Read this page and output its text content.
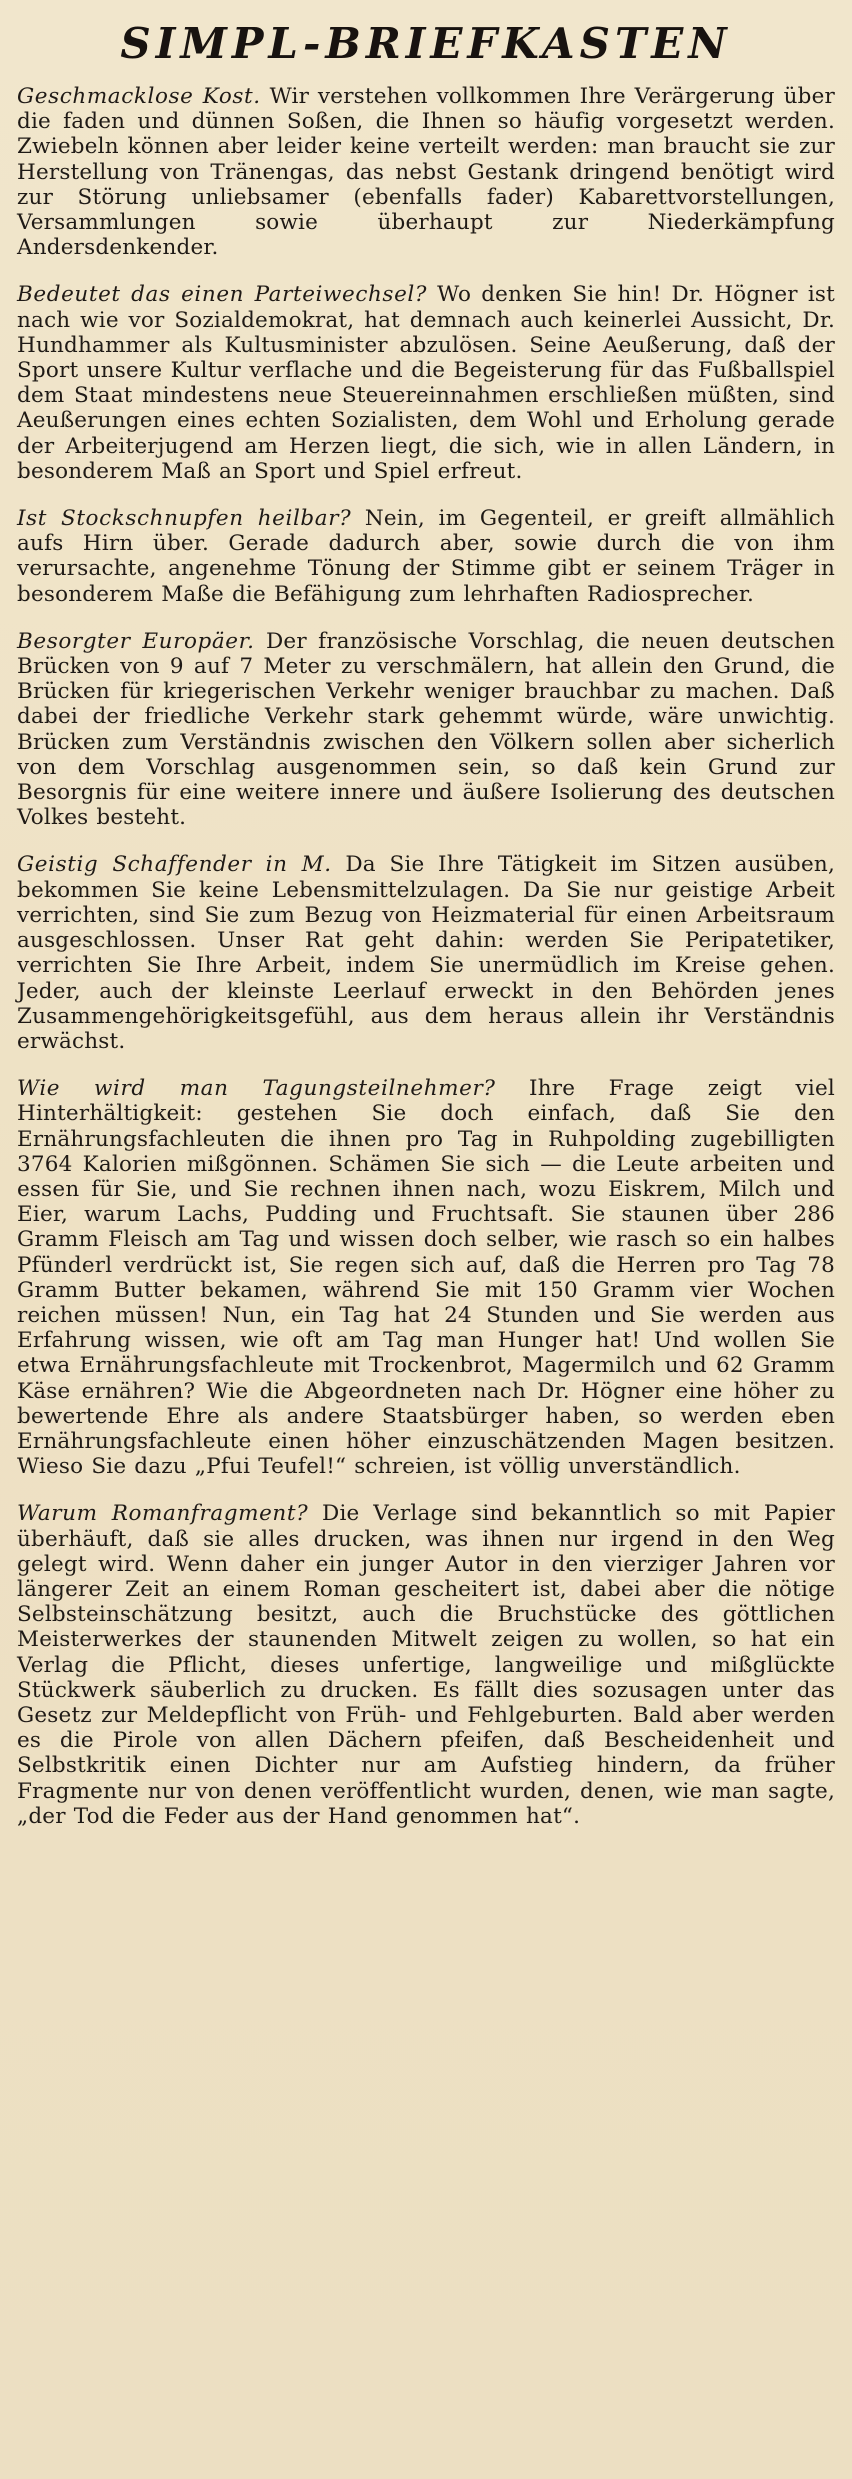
SIMPL-BRIEFKASTEN

Geschmacklose Kost. Wir verstehen vollkommen Ihre Verärgerung über die faden und dünnen Soßen, die Ihnen so häufig vorgesetzt werden. Zwiebeln können aber leider keine verteilt werden: man braucht sie zur Herstellung von Tränengas, das nebst Gestank dringend benötigt wird zur Störung unliebsamer (ebenfalls fader) Kabarettvorstellungen, Versammlungen sowie überhaupt zur Niederkämpfung Andersdenkender.

Bedeutet das einen Parteiwechsel? Wo denken Sie hin! Dr. Högner ist nach wie vor Sozialdemokrat, hat demnach auch keinerlei Aussicht, Dr. Hundhammer als Kultusminister abzulösen. Seine Aeußerung, daß der Sport unsere Kultur verflache und die Begeisterung für das Fußballspiel dem Staat mindestens neue Steuereinnahmen erschließen müßten, sind Aeußerungen eines echten Sozialisten, dem Wohl und Erholung gerade der Arbeiterjugend am Herzen liegt, die sich, wie in allen Ländern, in besonderem Maß an Sport und Spiel erfreut.

Ist Stockschnupfen heilbar? Nein, im Gegenteil, er greift allmählich aufs Hirn über. Gerade dadurch aber, sowie durch die von ihm verursachte, angenehme Tönung der Stimme gibt er seinem Träger in besonderem Maße die Befähigung zum lehrhaften Radiosprecher.

Besorgter Europäer. Der französische Vorschlag, die neuen deutschen Brücken von 9 auf 7 Meter zu verschmälern, hat allein den Grund, die Brücken für kriegerischen Verkehr weniger brauchbar zu machen. Daß dabei der friedliche Verkehr stark gehemmt würde, wäre unwichtig. Brücken zum Verständnis zwischen den Völkern sollen aber sicherlich von dem Vorschlag ausgenommen sein, so daß kein Grund zur Besorgnis für eine weitere innere und äußere Isolierung des deutschen Volkes besteht.

Geistig Schaffender in M. Da Sie Ihre Tätigkeit im Sitzen ausüben, bekommen Sie keine Lebensmittelzulagen. Da Sie nur geistige Arbeit verrichten, sind Sie zum Bezug von Heizmaterial für einen Arbeitsraum ausgeschlossen. Unser Rat geht dahin: werden Sie Peripatetiker, verrichten Sie Ihre Arbeit, indem Sie unermüdlich im Kreise gehen. Jeder, auch der kleinste Leerlauf erweckt in den Behörden jenes Zusammengehörigkeitsgefühl, aus dem heraus allein ihr Verständnis erwächst.

Wie wird man Tagungsteilnehmer? Ihre Frage zeigt viel Hinterhältigkeit: gestehen Sie doch einfach, daß Sie den Ernährungsfachleuten die ihnen pro Tag in Ruhpolding zugebilligten 3764 Kalorien mißgönnen. Schämen Sie sich — die Leute arbeiten und essen für Sie, und Sie rechnen ihnen nach, wozu Eiskrem, Milch und Eier, warum Lachs, Pudding und Fruchtsaft. Sie staunen über 286 Gramm Fleisch am Tag und wissen doch selber, wie rasch so ein halbes Pfünderl verdrückt ist, Sie regen sich auf, daß die Herren pro Tag 78 Gramm Butter bekamen, während Sie mit 150 Gramm vier Wochen reichen müssen! Nun, ein Tag hat 24 Stunden und Sie werden aus Erfahrung wissen, wie oft am Tag man Hunger hat! Und wollen Sie etwa Ernährungsfachleute mit Trockenbrot, Magermilch und 62 Gramm Käse ernähren? Wie die Abgeordneten nach Dr. Högner eine höher zu bewertende Ehre als andere Staatsbürger haben, so werden eben Ernährungsfachleute einen höher einzuschätzenden Magen besitzen. Wieso Sie dazu „Pfui Teufel!“ schreien, ist völlig unverständlich.

Warum Romanfragment? Die Verlage sind bekanntlich so mit Papier überhäuft, daß sie alles drucken, was ihnen nur irgend in den Weg gelegt wird. Wenn daher ein junger Autor in den vierziger Jahren vor längerer Zeit an einem Roman gescheitert ist, dabei aber die nötige Selbsteinschätzung besitzt, auch die Bruchstücke des göttlichen Meisterwerkes der staunenden Mitwelt zeigen zu wollen, so hat ein Verlag die Pflicht, dieses unfertige, langweilige und mißglückte Stückwerk säuberlich zu drucken. Es fällt dies sozusagen unter das Gesetz zur Meldepflicht von Früh- und Fehlgeburten. Bald aber werden es die Pirole von allen Dächern pfeifen, daß Bescheidenheit und Selbstkritik einen Dichter nur am Aufstieg hindern, da früher Fragmente nur von denen veröffentlicht wurden, denen, wie man sagte, „der Tod die Feder aus der Hand genommen hat“.
